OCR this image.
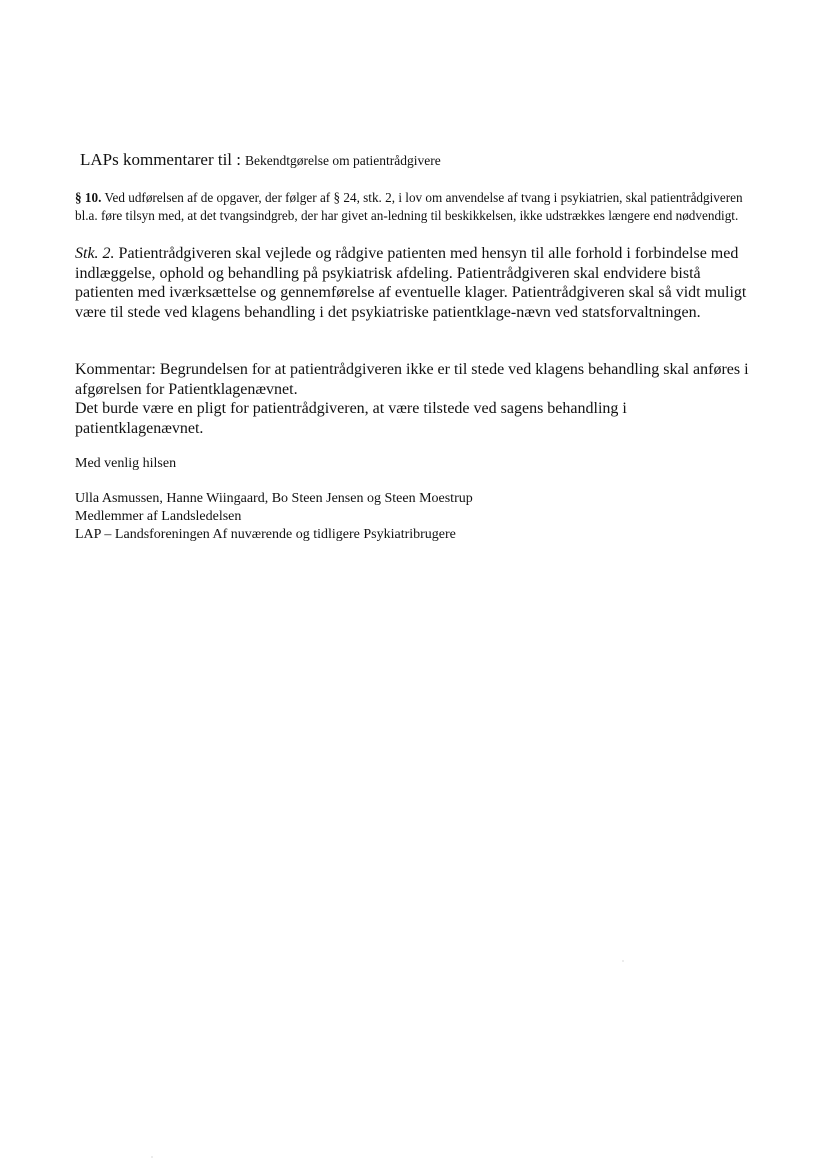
LAPs kommentarer til : Bekendtgørelse om patientrådgivere
§ 10. Ved udførelsen af de opgaver, der følger af § 24, stk. 2, i lov om anvendelse af tvang i psykiatrien, skal patientrådgiveren bl.a. føre tilsyn med, at det tvangsindgreb, der har givet an-ledning til beskikkelsen, ikke udstrækkes længere end nødvendigt.
Stk. 2. Patientrådgiveren skal vejlede og rådgive patienten med hensyn til alle forhold i forbindelse med indlæggelse, ophold og behandling på psykiatrisk afdeling. Patientrådgiveren skal endvidere bistå patienten med iværksættelse og gennemførelse af eventuelle klager. Patientrådgiveren skal så vidt muligt være til stede ved klagens behandling i det psykiatriske patientklage-nævn ved statsforvaltningen.
Kommentar: Begrundelsen for at patientrådgiveren ikke er til stede ved klagens behandling skal anføres i afgørelsen for Patientklagenævnet.
Det burde være en pligt for patientrådgiveren, at være tilstede ved sagens behandling i patientklagenævnet.
Med venlig hilsen
Ulla Asmussen, Hanne Wiingaard, Bo Steen Jensen og Steen Moestrup
Medlemmer af Landsledelsen
LAP – Landsforeningen Af nuværende og tidligere Psykiatribrugere
